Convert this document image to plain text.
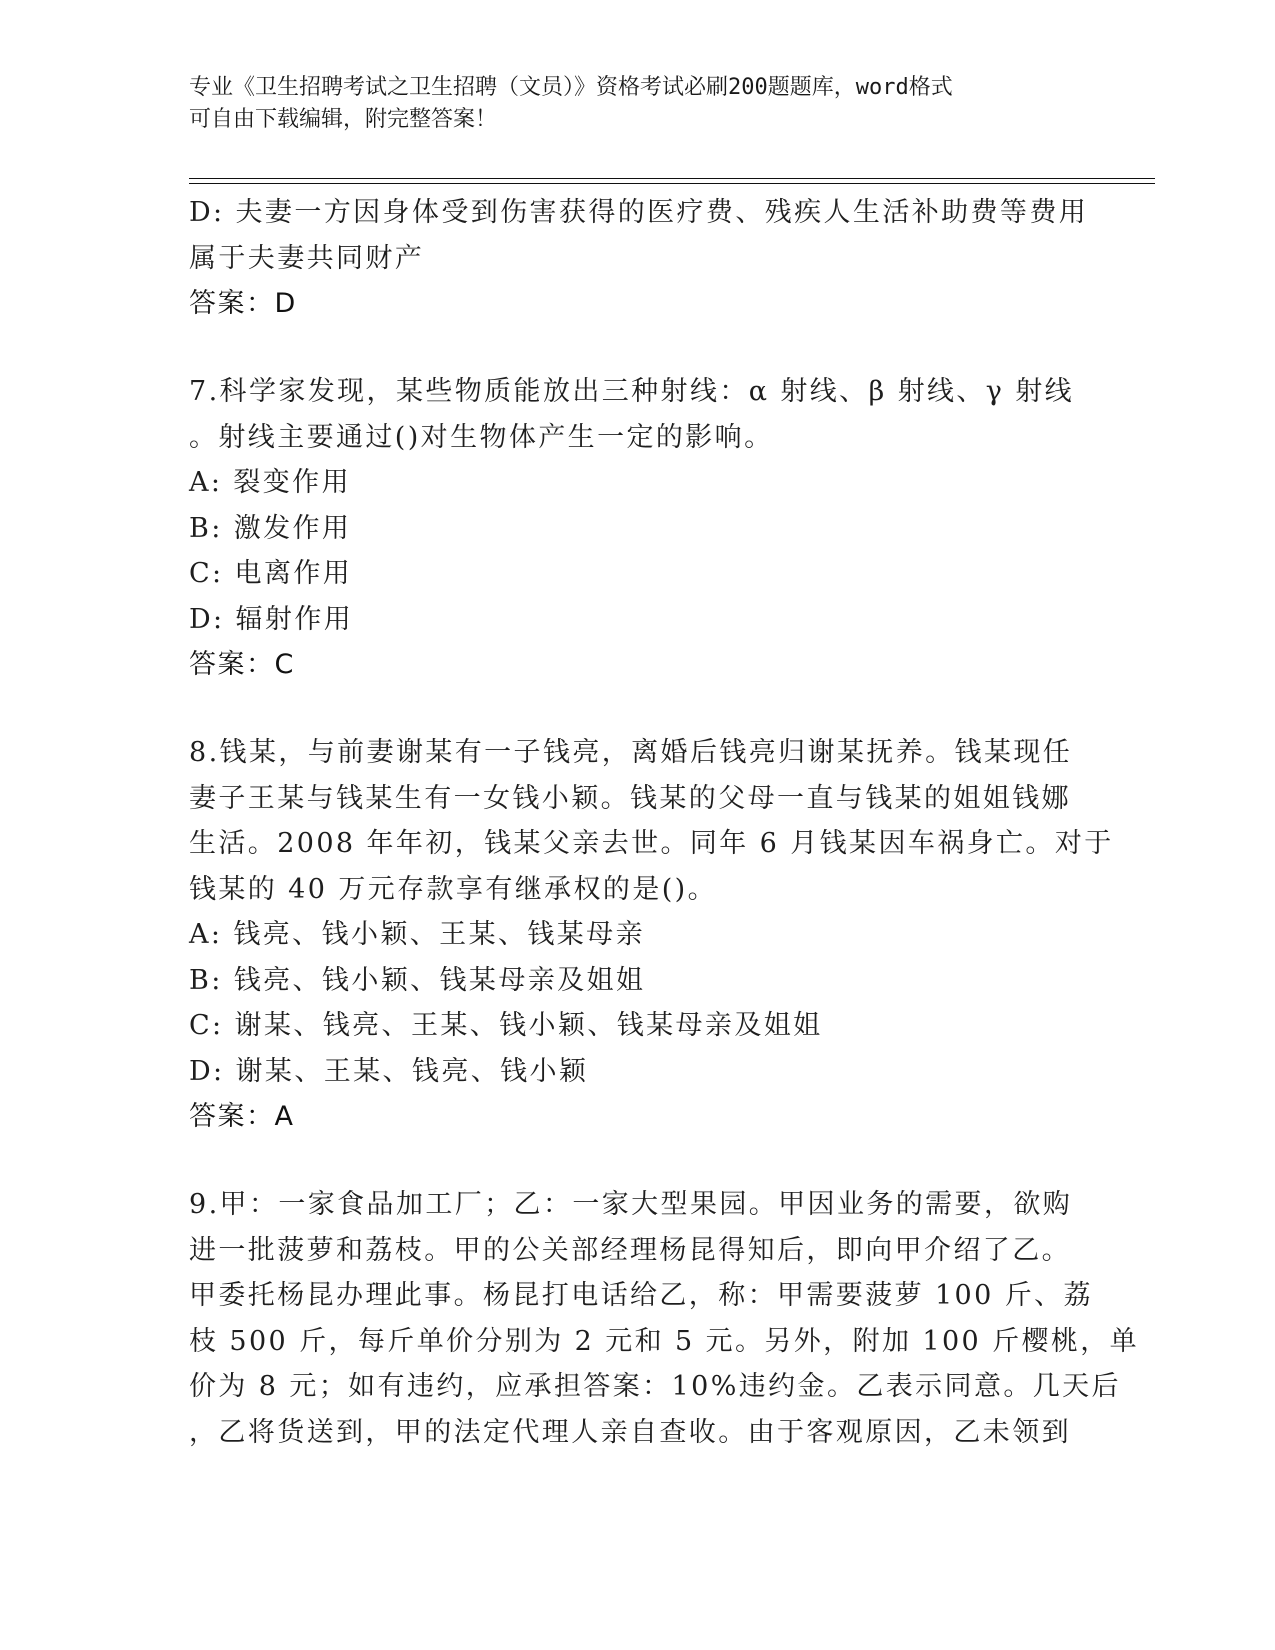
专业《卫生招聘考试之卫生招聘（文员）》资格考试必刷200题题库，word格式
可自由下载编辑，附完整答案！
D: 夫妻一方因身体受到伤害获得的医疗费、残疾人生活补助费等费用
属于夫妻共同财产
答案：D
7.科学家发现，某些物质能放出三种射线：α 射线、β 射线、γ 射线
。射线主要通过()对生物体产生一定的影响。
A: 裂变作用
B: 激发作用
C: 电离作用
D: 辐射作用
答案：C
8.钱某，与前妻谢某有一子钱亮，离婚后钱亮归谢某抚养。钱某现任
妻子王某与钱某生有一女钱小颖。钱某的父母一直与钱某的姐姐钱娜
生活。2008 年年初，钱某父亲去世。同年 6 月钱某因车祸身亡。对于
钱某的 40 万元存款享有继承权的是()。
A: 钱亮、钱小颖、王某、钱某母亲
B: 钱亮、钱小颖、钱某母亲及姐姐
C: 谢某、钱亮、王某、钱小颖、钱某母亲及姐姐
D: 谢某、王某、钱亮、钱小颖
答案：A
9.甲：一家食品加工厂；乙：一家大型果园。甲因业务的需要，欲购
进一批菠萝和荔枝。甲的公关部经理杨昆得知后，即向甲介绍了乙。
甲委托杨昆办理此事。杨昆打电话给乙，称：甲需要菠萝 100 斤、荔
枝 500 斤，每斤单价分别为 2 元和 5 元。另外，附加 100 斤樱桃，单
价为 8 元；如有违约，应承担答案：10%违约金。乙表示同意。几天后
，乙将货送到，甲的法定代理人亲自查收。由于客观原因，乙未领到
